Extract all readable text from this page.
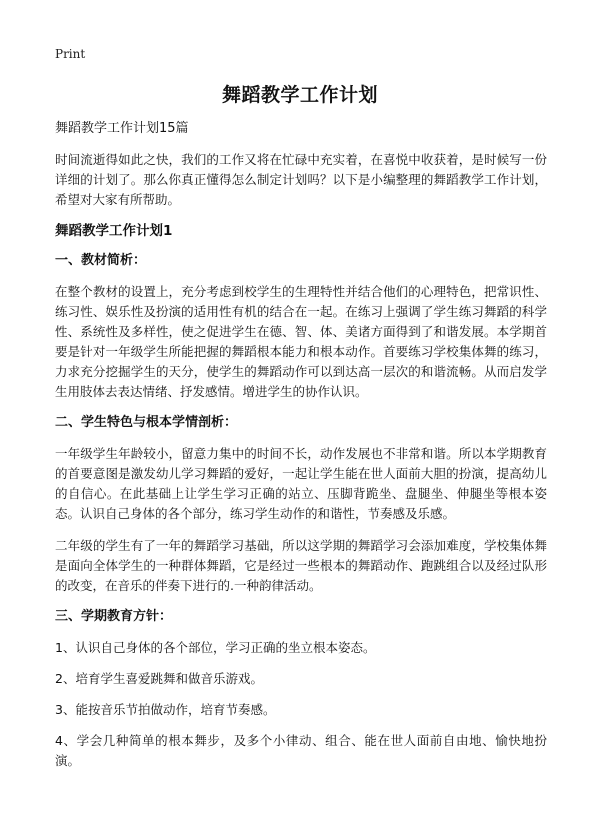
Print
舞蹈教学工作计划
舞蹈教学工作计划15篇

时间流逝得如此之快，我们的工作又将在忙碌中充实着，在喜悦中收获着，是时候写一份详细的计划了。那么你真正懂得怎么制定计划吗？以下是小编整理的舞蹈教学工作计划，希望对大家有所帮助。

舞蹈教学工作计划1
一、教材简析：

在整个教材的设置上，充分考虑到校学生的生理特性并结合他们的心理特色，把常识性、练习性、娱乐性及扮演的适用性有机的结合在一起。在练习上强调了学生练习舞蹈的科学性、系统性及多样性，使之促进学生在德、智、体、美诸方面得到了和谐发展。本学期首要是针对一年级学生所能把握的舞蹈根本能力和根本动作。首要练习学校集体舞的练习，力求充分挖掘学生的天分，使学生的舞蹈动作可以到达高一层次的和谐流畅。从而启发学生用肢体去表达情绪、抒发感情。增进学生的协作认识。

二、学生特色与根本学情剖析：

一年级学生年龄较小，留意力集中的时间不长，动作发展也不非常和谐。所以本学期教育的首要意图是激发幼儿学习舞蹈的爱好，一起让学生能在世人面前大胆的扮演，提高幼儿的自信心。在此基础上让学生学习正确的站立、压脚背跪坐、盘腿坐、伸腿坐等根本姿态。认识自己身体的各个部分，练习学生动作的和谐性，节奏感及乐感。

二年级的学生有了一年的舞蹈学习基础，所以这学期的舞蹈学习会添加难度，学校集体舞是面向全体学生的一种群体舞蹈，它是经过一些根本的舞蹈动作、跑跳组合以及经过队形的改变，在音乐的伴奏下进行的.一种韵律活动。

三、学期教育方针：

1、认识自己身体的各个部位，学习正确的坐立根本姿态。

2、培育学生喜爱跳舞和做音乐游戏。

3、能按音乐节拍做动作，培育节奏感。

4、学会几种简单的根本舞步，及多个小律动、组合、能在世人面前自由地、愉快地扮演。
